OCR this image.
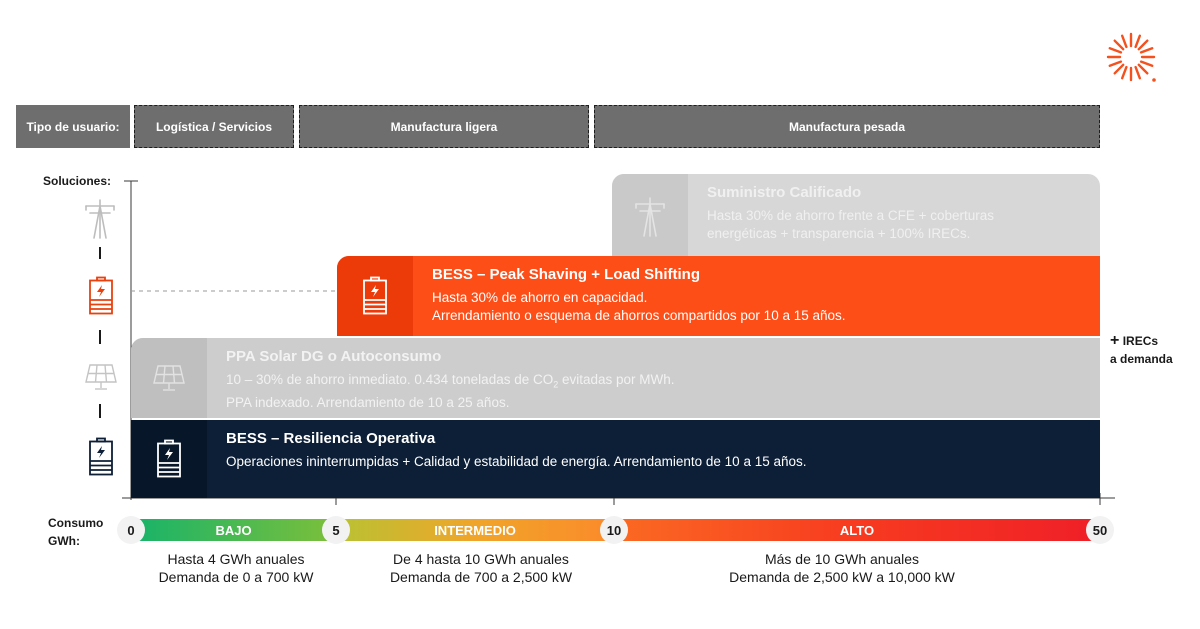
Tipo de usuario:	Logística / Servicios	Manufactura ligera	Manufactura pesada
Soluciones:
Suministro Calificado
Hasta 30% de ahorro frente a CFE + coberturas
energéticas + transparencia + 100% IRECs.
BESS – Peak Shaving + Load Shifting
Hasta 30% de ahorro en capacidad.
Arrendamiento o esquema de ahorros compartidos por 10 a 15 años.
PPA Solar DG o Autoconsumo
10 – 30% de ahorro inmediato. 0.434 toneladas de $CO_2$ evitadas por MWh.
PPA indexado. Arrendamiento de 10 a 25 años.
BESS – Resiliencia Operativa
Operaciones ininterrumpidas + Calidad y estabilidad de energía. Arrendamiento de 10 a 15 años.
+ IRECs
a demanda
Consumo
GWh:
BAJO	INTERMEDIO	ALTO
0	5	10	50
Hasta 4 GWh anuales
Demanda de 0 a 700 kW
De 4 hasta 10 GWh anuales
Demanda de 700 a 2,500 kW
Más de 10 GWh anuales
Demanda de 2,500 kW a 10,000 kW
